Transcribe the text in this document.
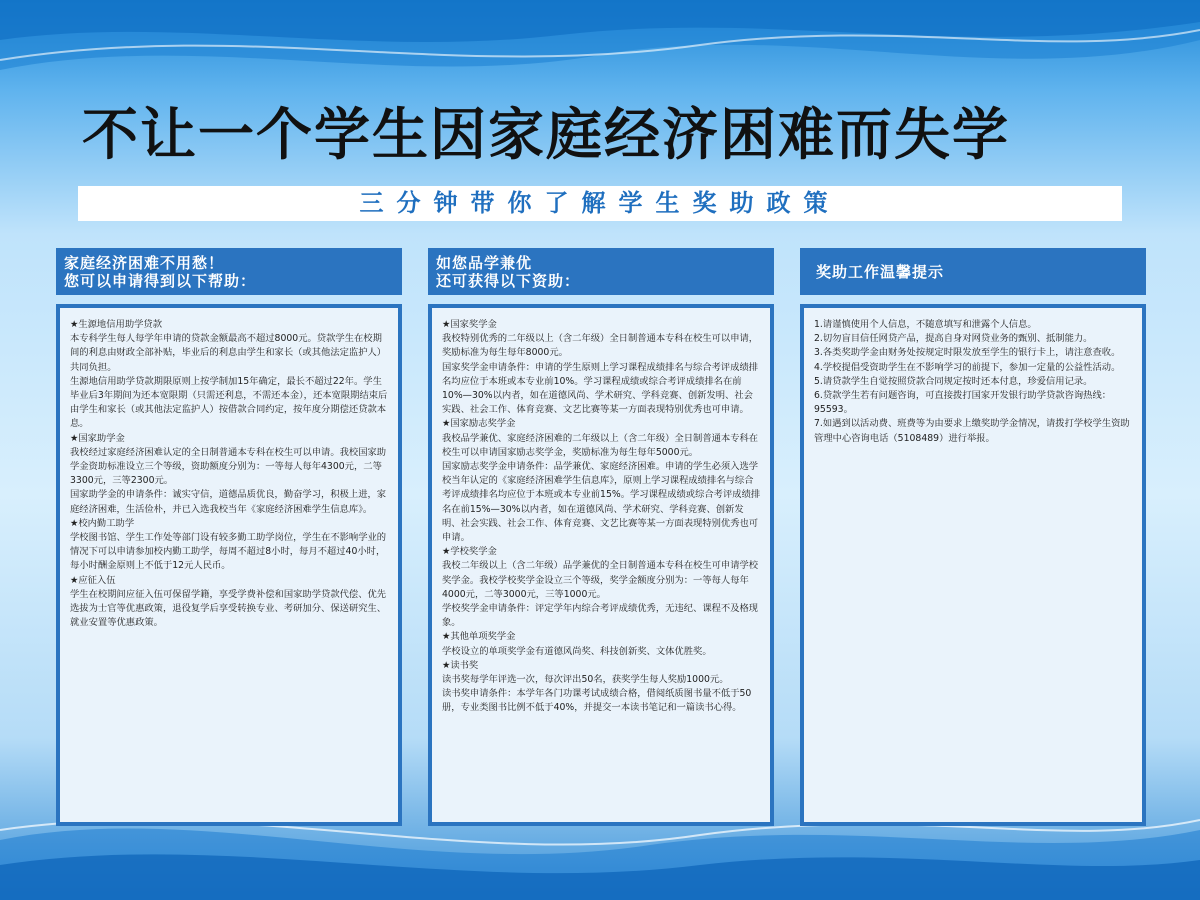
不让一个学生因家庭经济困难而失学
三分钟带你了解学生奖助政策
家庭经济困难不用愁！
您可以申请得到以下帮助：

★生源地信用助学贷款

本专科学生每人每学年申请的贷款金额最高不超过8000元。贷款学生在校期间的利息由财政全部补贴，毕业后的利息由学生和家长（或其他法定监护人）共同负担。

生源地信用助学贷款期限原则上按学制加15年确定，最长不超过22年。学生毕业后3年期间为还本宽限期（只需还利息，不需还本金），还本宽限期结束后由学生和家长（或其他法定监护人）按借款合同约定，按年度分期偿还贷款本息。

★国家助学金

我校经过家庭经济困难认定的全日制普通本专科在校生可以申请。我校国家助学金资助标准设立三个等级，资助额度分别为：一等每人每年4300元，二等3300元，三等2300元。

国家助学金的申请条件：诚实守信，道德品质优良，勤奋学习，积极上进，家庭经济困难，生活俭朴，并已入选我校当年《家庭经济困难学生信息库》。

★校内勤工助学

学校图书馆、学生工作处等部门设有较多勤工助学岗位，学生在不影响学业的情况下可以申请参加校内勤工助学，每周不超过8小时，每月不超过40小时，每小时酬金原则上不低于12元人民币。

★应征入伍

学生在校期间应征入伍可保留学籍，享受学费补偿和国家助学贷款代偿、优先选拔为士官等优惠政策，退役复学后享受转换专业、考研加分、保送研究生、就业安置等优惠政策。

如您品学兼优
还可获得以下资助：

★国家奖学金

我校特别优秀的二年级以上（含二年级）全日制普通本专科在校生可以申请，奖励标准为每生每年8000元。

国家奖学金申请条件：申请的学生原则上学习课程成绩排名与综合考评成绩排名均应位于本班或本专业前10%。学习课程成绩或综合考评成绩排名在前10%—30%以内者，如在道德风尚、学术研究、学科竞赛、创新发明、社会实践、社会工作、体育竞赛、文艺比赛等某一方面表现特别优秀也可申请。

★国家励志奖学金

我校品学兼优、家庭经济困难的二年级以上（含二年级）全日制普通本专科在校生可以申请国家励志奖学金，奖励标准为每生每年5000元。

国家励志奖学金申请条件：品学兼优、家庭经济困难。申请的学生必须入选学校当年认定的《家庭经济困难学生信息库》，原则上学习课程成绩排名与综合考评成绩排名均应位于本班或本专业前15%。学习课程成绩或综合考评成绩排名在前15%—30%以内者，如在道德风尚、学术研究、学科竞赛、创新发明、社会实践、社会工作、体育竞赛、文艺比赛等某一方面表现特别优秀也可申请。

★学校奖学金

我校二年级以上（含二年级）品学兼优的全日制普通本专科在校生可申请学校奖学金。我校学校奖学金设立三个等级，奖学金额度分别为：一等每人每年4000元，二等3000元，三等1000元。

学校奖学金申请条件：评定学年内综合考评成绩优秀，无违纪、课程不及格现象。

★其他单项奖学金

学校设立的单项奖学金有道德风尚奖、科技创新奖、文体优胜奖。

★读书奖

读书奖每学年评选一次，每次评出50名，获奖学生每人奖励1000元。

读书奖申请条件：本学年各门功课考试成绩合格，借阅纸质图书量不低于50册，专业类图书比例不低于40%，并提交一本读书笔记和一篇读书心得。

奖助工作温馨提示

1.请谨慎使用个人信息，不随意填写和泄露个人信息。

2.切勿盲目信任网贷产品，提高自身对网贷业务的甄别、抵制能力。

3.各类奖助学金由财务处按规定时限发放至学生的银行卡上，请注意查收。

4.学校提倡受资助学生在不影响学习的前提下，参加一定量的公益性活动。

5.请贷款学生自觉按照贷款合同规定按时还本付息，珍爱信用记录。

6.贷款学生若有问题咨询，可直接拨打国家开发银行助学贷款咨询热线：95593。

7.如遇到以活动费、班费等为由要求上缴奖助学金情况，请拨打学校学生资助管理中心咨询电话（5108489）进行举报。
